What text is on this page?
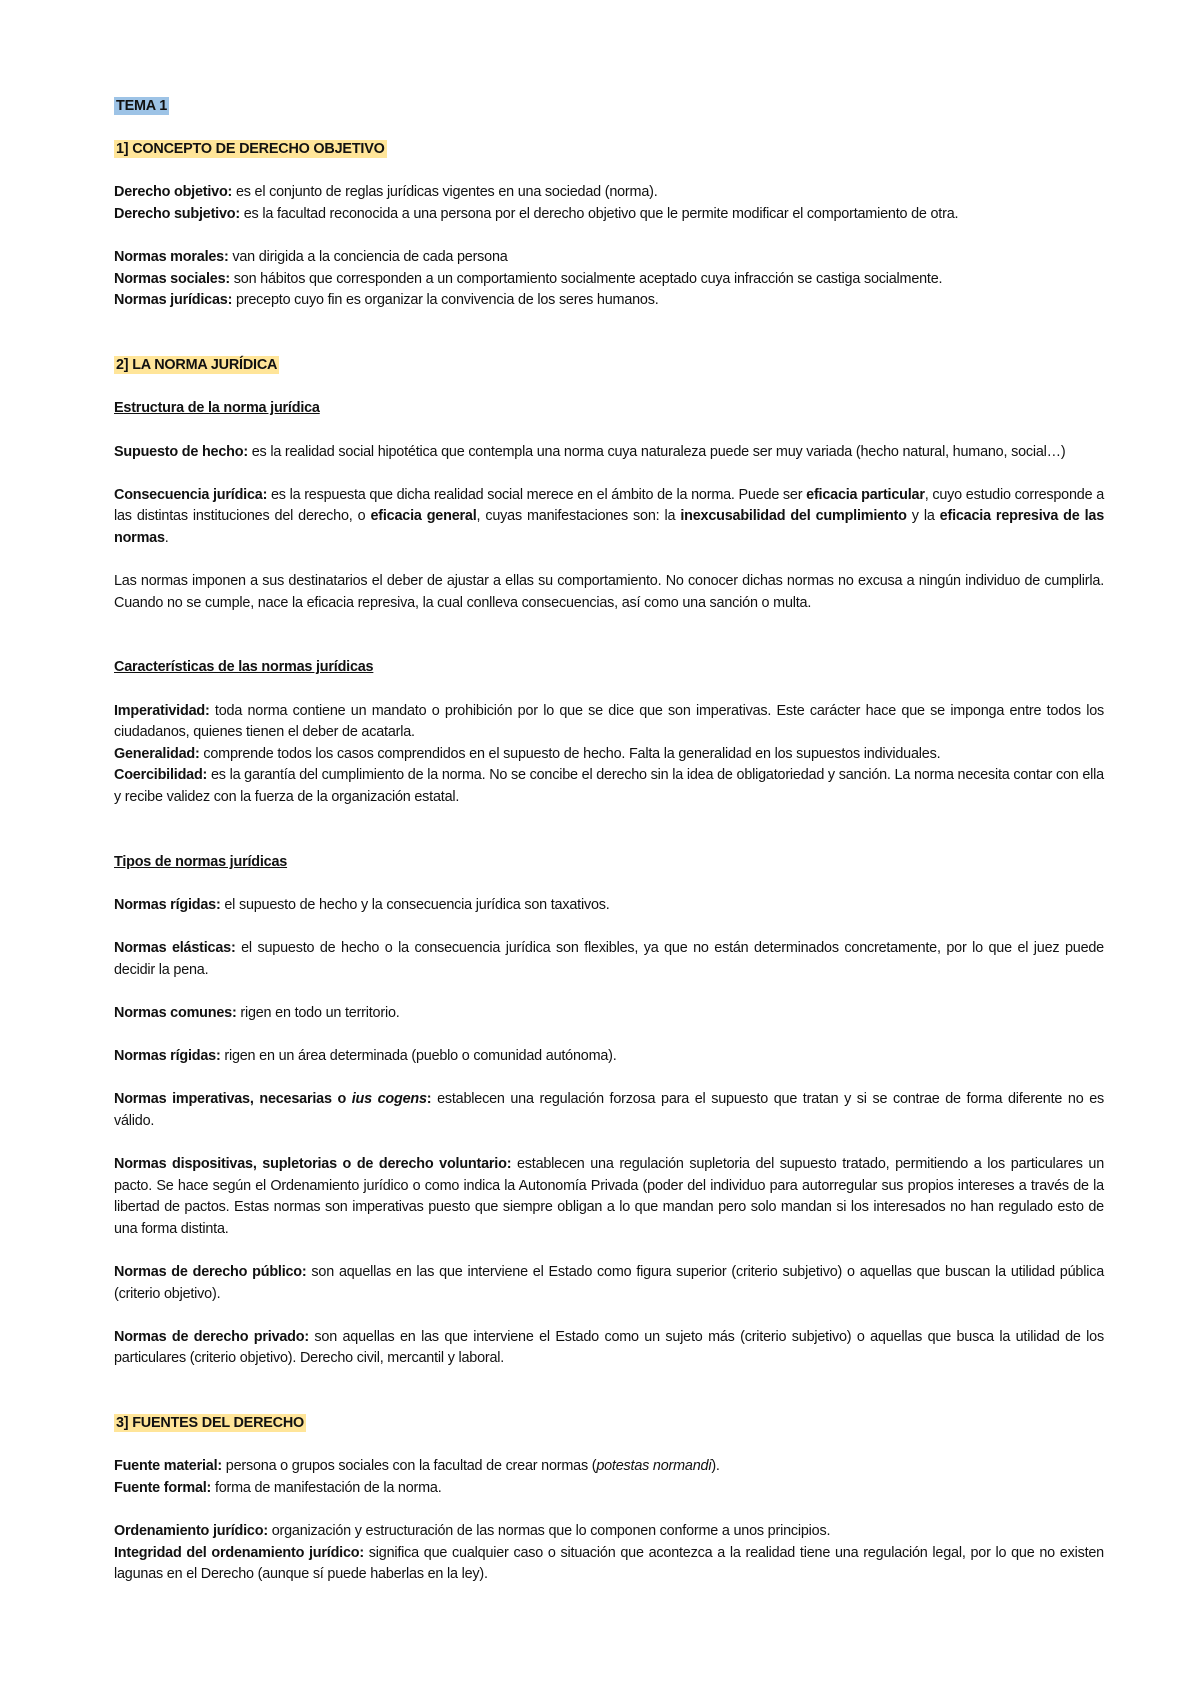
TEMA 1

1] CONCEPTO DE DERECHO OBJETIVO

Derecho objetivo: es el conjunto de reglas jurídicas vigentes en una sociedad (norma).

Derecho subjetivo: es la facultad reconocida a una persona por el derecho objetivo que le permite modificar el comportamiento de otra.

Normas morales: van dirigida a la conciencia de cada persona

Normas sociales: son hábitos que corresponden a un comportamiento socialmente aceptado cuya infracción se castiga socialmente.

Normas jurídicas: precepto cuyo fin es organizar la convivencia de los seres humanos.

2] LA NORMA JURÍDICA

Estructura de la norma jurídica

Supuesto de hecho: es la realidad social hipotética que contempla una norma cuya naturaleza puede ser muy variada (hecho natural, humano, social…)

Consecuencia jurídica: es la respuesta que dicha realidad social merece en el ámbito de la norma. Puede ser eficacia particular, cuyo estudio corresponde a las distintas instituciones del derecho, o eficacia general, cuyas manifestaciones son: la inexcusabilidad del cumplimiento y la eficacia represiva de las normas.

Las normas imponen a sus destinatarios el deber de ajustar a ellas su comportamiento. No conocer dichas normas no excusa a ningún individuo de cumplirla. Cuando no se cumple, nace la eficacia represiva, la cual conlleva consecuencias, así como una sanción o multa.

Características de las normas jurídicas

Imperatividad: toda norma contiene un mandato o prohibición por lo que se dice que son imperativas. Este carácter hace que se imponga entre todos los ciudadanos, quienes tienen el deber de acatarla.

Generalidad: comprende todos los casos comprendidos en el supuesto de hecho. Falta la generalidad en los supuestos individuales.

Coercibilidad: es la garantía del cumplimiento de la norma. No se concibe el derecho sin la idea de obligatoriedad y sanción. La norma necesita contar con ella y recibe validez con la fuerza de la organización estatal.

Tipos de normas jurídicas

Normas rígidas: el supuesto de hecho y la consecuencia jurídica son taxativos.

Normas elásticas: el supuesto de hecho o la consecuencia jurídica son flexibles, ya que no están determinados concretamente, por lo que el juez puede decidir la pena.

Normas comunes: rigen en todo un territorio.

Normas rígidas: rigen en un área determinada (pueblo o comunidad autónoma).

Normas imperativas, necesarias o ius cogens: establecen una regulación forzosa para el supuesto que tratan y si se contrae de forma diferente no es válido.

Normas dispositivas, supletorias o de derecho voluntario: establecen una regulación supletoria del supuesto tratado, permitiendo a los particulares un pacto. Se hace según el Ordenamiento jurídico o como indica la Autonomía Privada (poder del individuo para autorregular sus propios intereses a través de la libertad de pactos. Estas normas son imperativas puesto que siempre obligan a lo que mandan pero solo mandan si los interesados no han regulado esto de una forma distinta.

Normas de derecho público: son aquellas en las que interviene el Estado como figura superior (criterio subjetivo) o aquellas que buscan la utilidad pública (criterio objetivo).

Normas de derecho privado: son aquellas en las que interviene el Estado como un sujeto más (criterio subjetivo) o aquellas que busca la utilidad de los particulares (criterio objetivo). Derecho civil, mercantil y laboral.

3] FUENTES DEL DERECHO

Fuente material: persona o grupos sociales con la facultad de crear normas (potestas normandi).

Fuente formal: forma de manifestación de la norma.

Ordenamiento jurídico: organización y estructuración de las normas que lo componen conforme a unos principios.

Integridad del ordenamiento jurídico: significa que cualquier caso o situación que acontezca a la realidad tiene una regulación legal, por lo que no existen lagunas en el Derecho (aunque sí puede haberlas en la ley).
